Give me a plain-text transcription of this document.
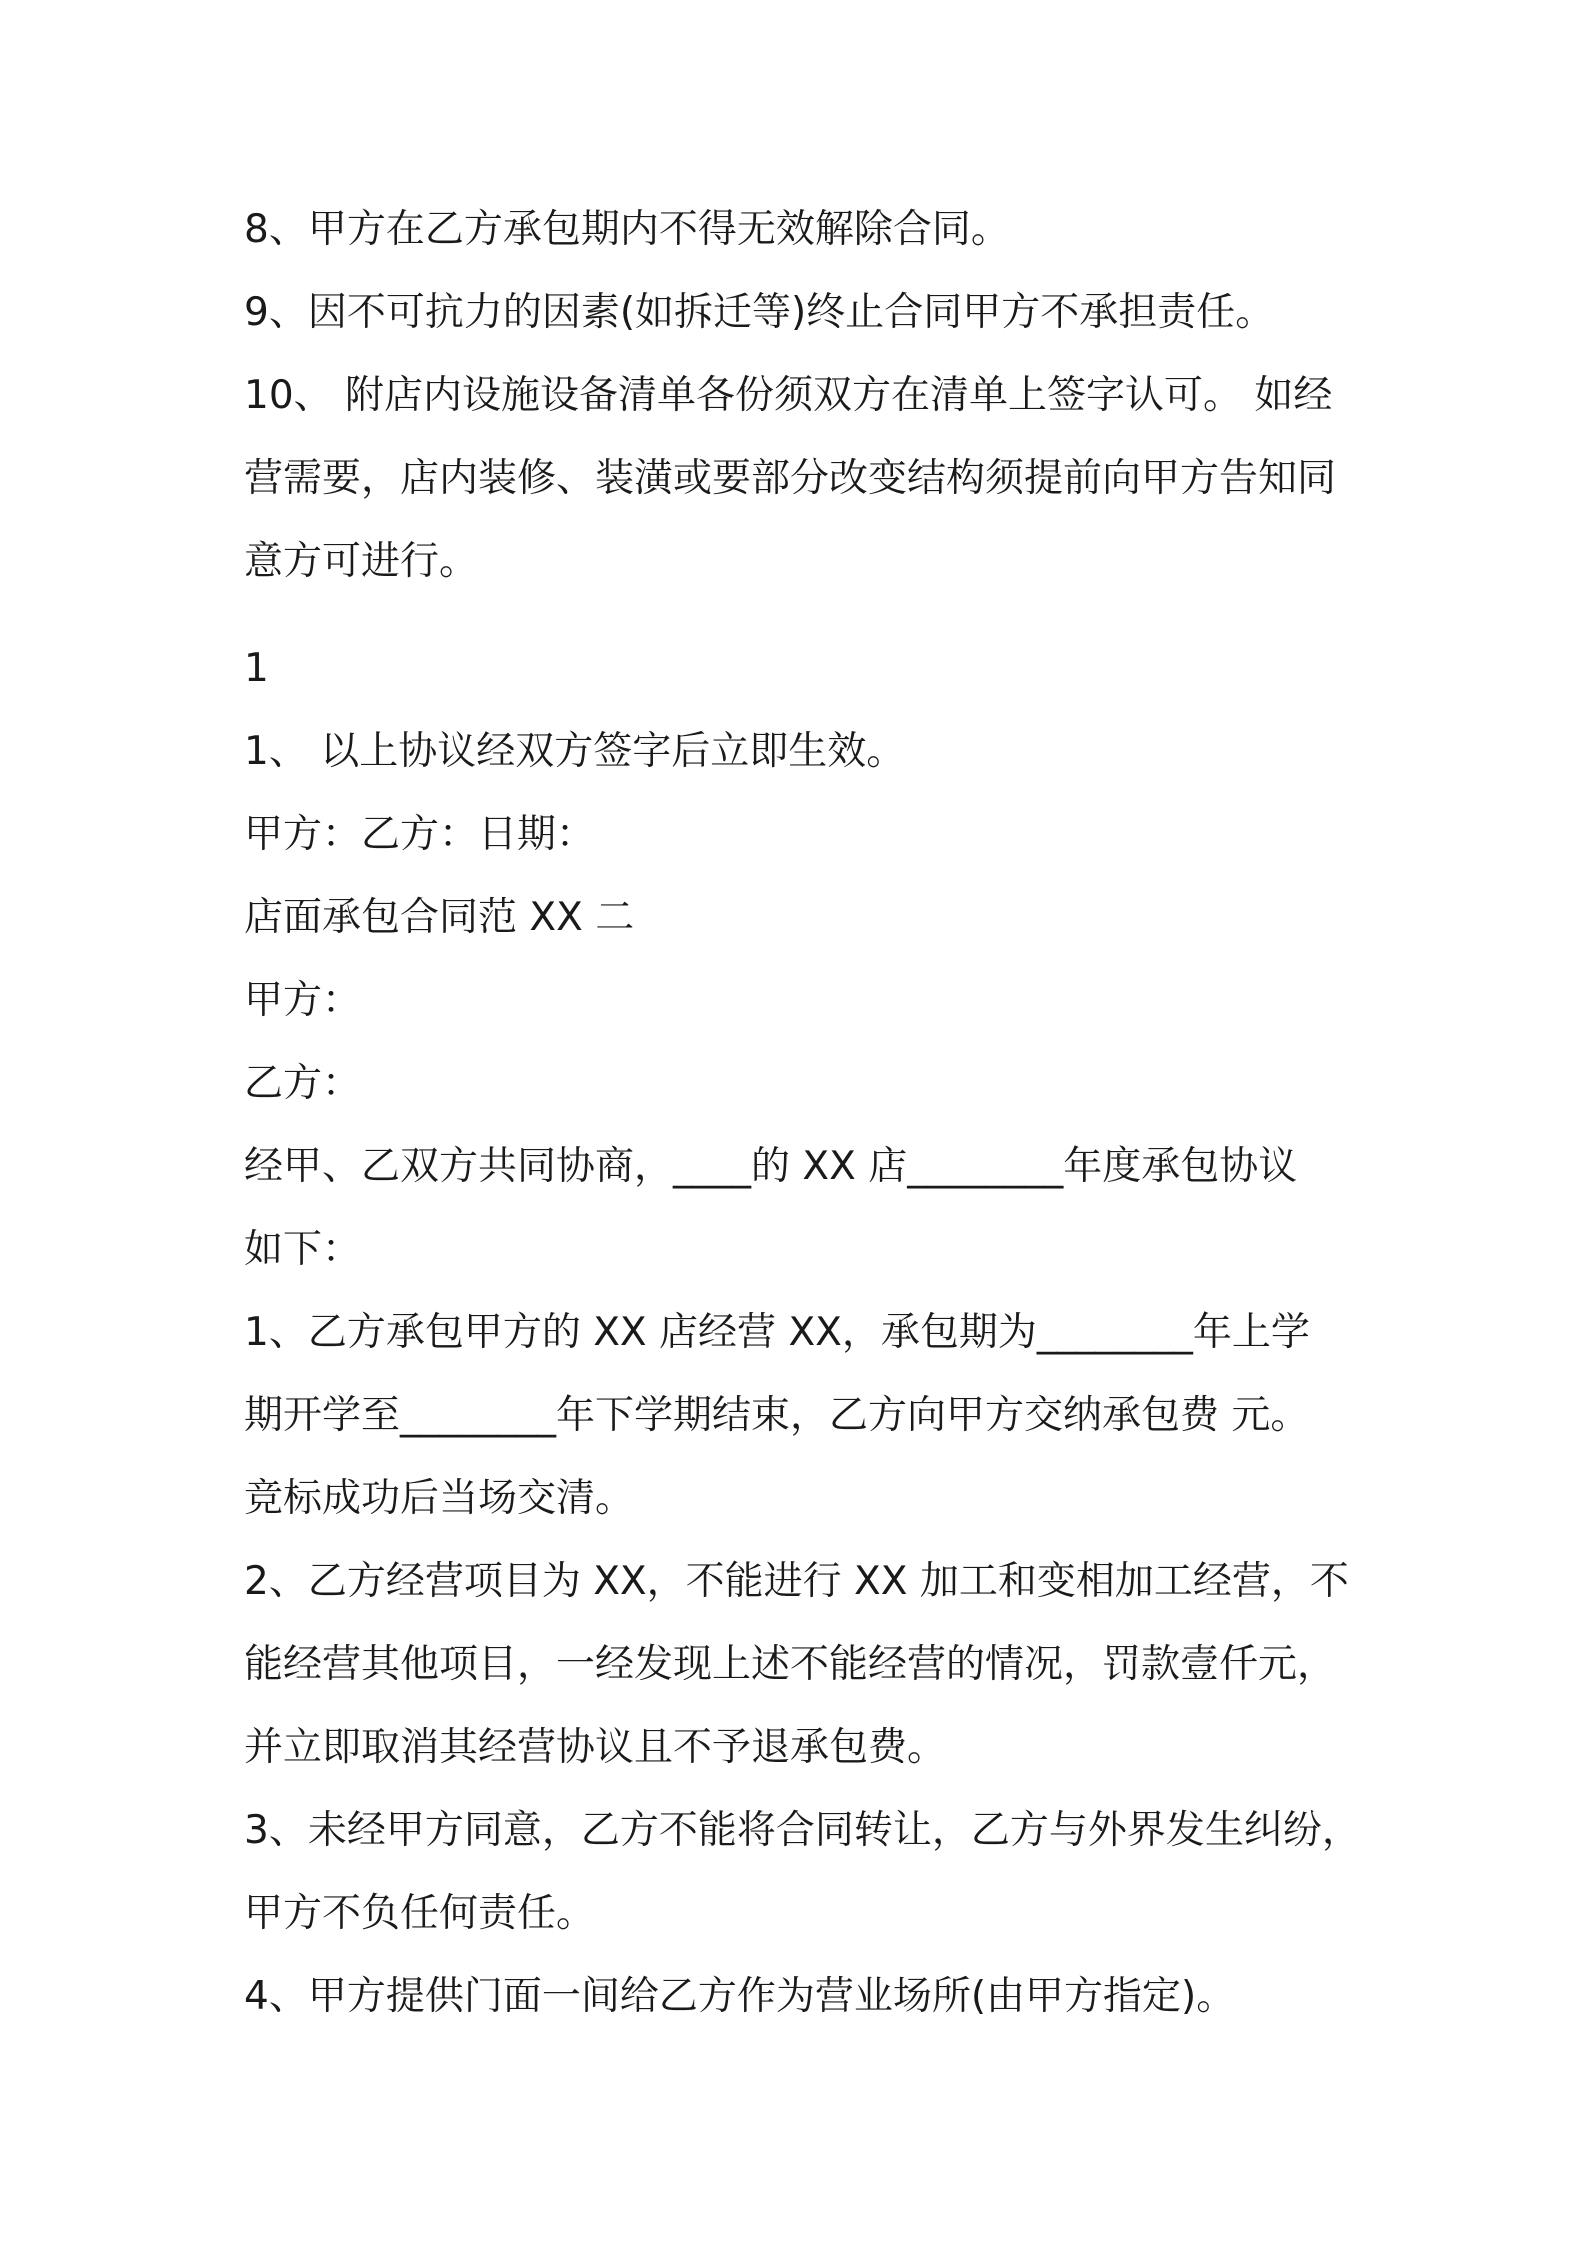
8、甲方在乙方承包期内不得无效解除合同。
9、因不可抗力的因素(如拆迁等)终止合同甲方不承担责任。
10、 附店内设施设备清单各份须双方在清单上签字认可。 如经
营需要，店内装修、装潢或要部分改变结构须提前向甲方告知同
意方可进行。
1
1、 以上协议经双方签字后立即生效。
甲方：乙方：日期：
店面承包合同范 XX 二
甲方：
乙方：
经甲、乙双方共同协商，____的 XX 店________年度承包协议
如下：
1、乙方承包甲方的 XX 店经营 XX，承包期为________年上学
期开学至________年下学期结束，乙方向甲方交纳承包费 元。
竞标成功后当场交清。
2、乙方经营项目为 XX，不能进行 XX 加工和变相加工经营，不
能经营其他项目，一经发现上述不能经营的情况，罚款壹仟元，
并立即取消其经营协议且不予退承包费。
3、未经甲方同意，乙方不能将合同转让，乙方与外界发生纠纷，
甲方不负任何责任。
4、甲方提供门面一间给乙方作为营业场所(由甲方指定)。
